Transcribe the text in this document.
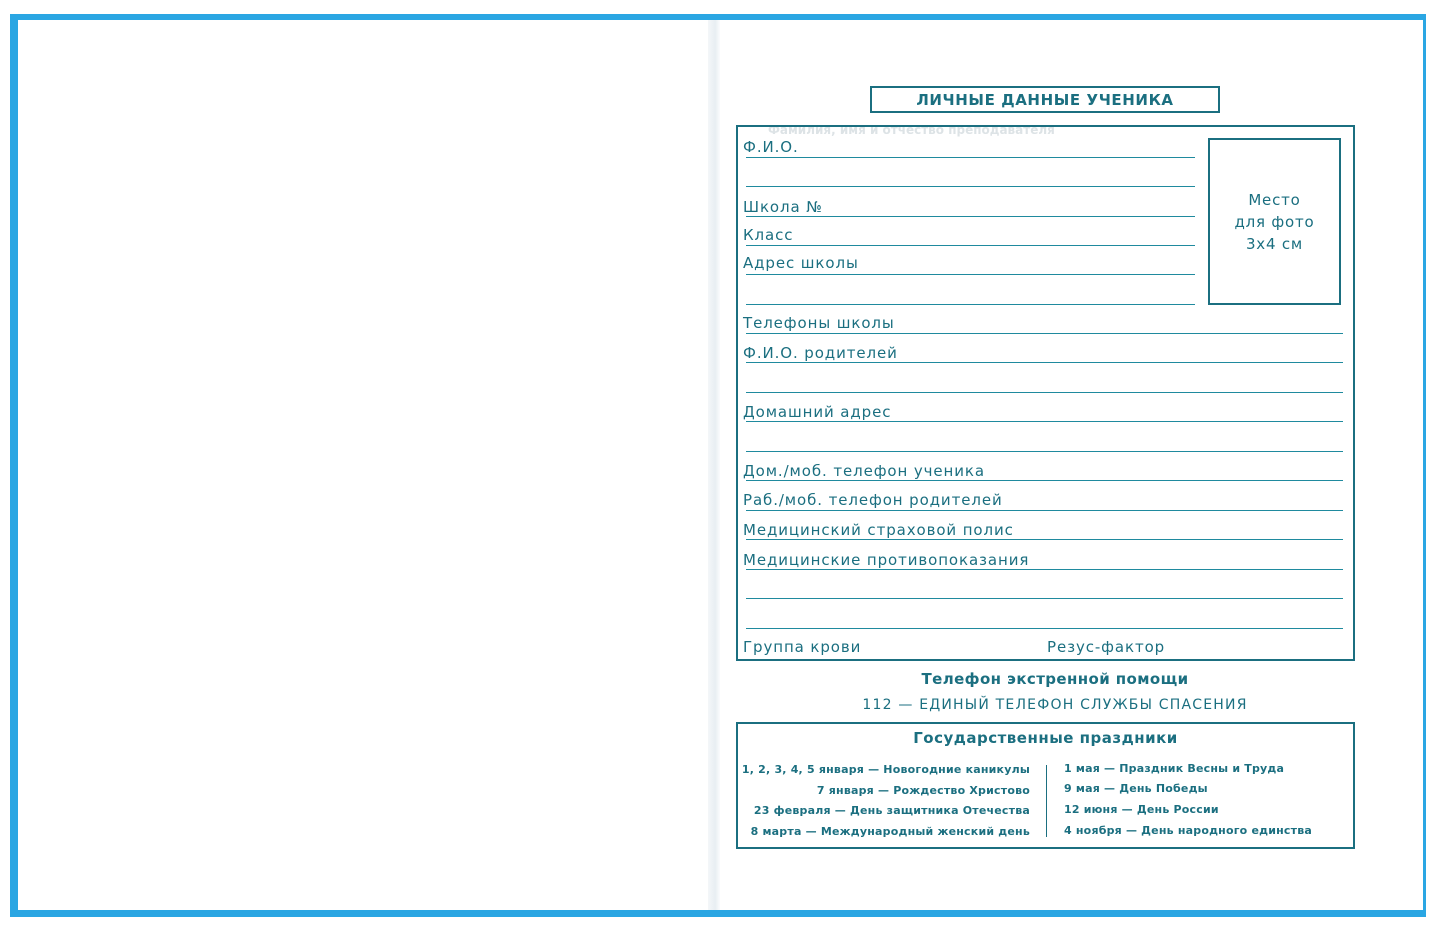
Фамилия, имя и отчество преподавателя
ЛИЧНЫЕ ДАННЫЕ УЧЕНИКА
Место
для фото
3x4 см
Ф.И.О.
Школа №
Класс
Адрес школы
Телефоны школы
Ф.И.О. родителей
Домашний адрес
Дом./моб. телефон ученика
Раб./моб. телефон родителей
Медицинский страховой полис
Медицинские противопоказания
Группа крови	Резус-фактор
Телефон экстренной помощи
112 — ЕДИНЫЙ ТЕЛЕФОН СЛУЖБЫ СПАСЕНИЯ
Государственные праздники
1, 2, 3, 4, 5 января — Новогодние каникулы
7 января — Рождество Христово
23 февраля — День защитника Отечества
8 марта — Международный женский день
1 мая — Праздник Весны и Труда
9 мая — День Победы
12 июня — День России
4 ноября — День народного единства
